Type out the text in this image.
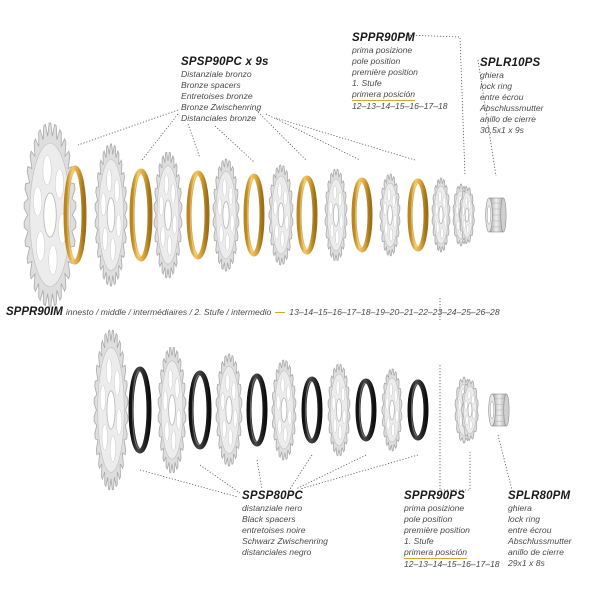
SPSP90PC x 9s
Distanziale bronzo
Bronze spacers
Entretoises bronze
Bronze Zwischenring
Distanciales bronze
SPPR90PM
prima posizione
pole position
première position
1. Stufe
primera posición
12–13–14–15–16–17–18
SPLR10PS
ghiera
lock ring
entre écrou
Abschlussmutter
anillo de cierre
30,5x1 x 9s
SPPR90IM innesto / middle / intermédiaires / 2. Stufe / intermedio 13–14–15–16–17–18–19–20–21–22–23–24–25–26–28
SPSP80PC
distanziale nero
Black spacers
entretoises noire
Schwarz Zwischenring
distanciales negro
SPPR90PS
prima posizione
pole position
première position
1. Stufe
primera posición
12–13–14–15–16–17–18
SPLR80PM
ghiera
lock ring
entre écrou
Abschlussmutter
anillo de cierre
29x1 x 8s
